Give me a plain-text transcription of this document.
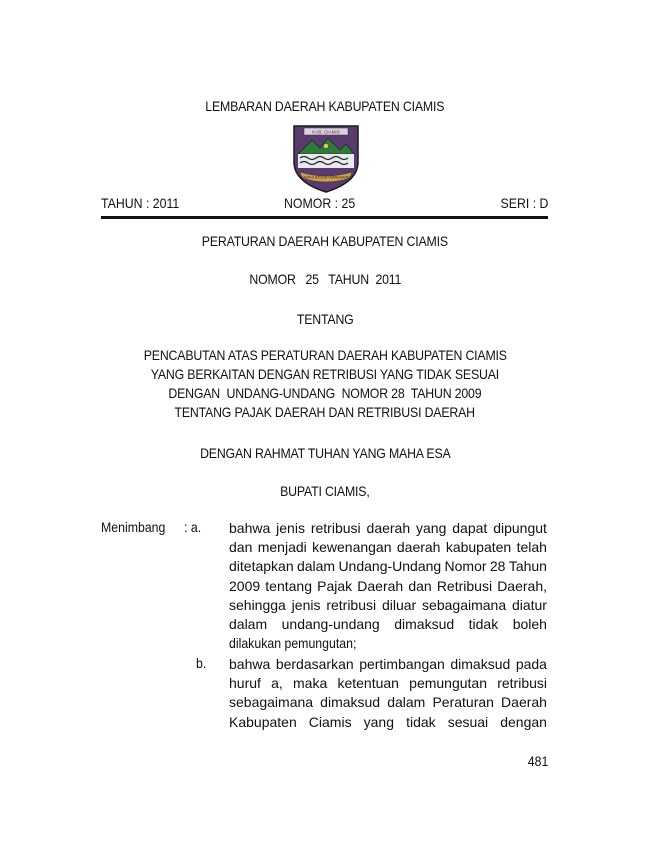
LEMBARAN DAERAH KABUPATEN CIAMIS
KAB. CIAMIS
MASAGI DAYEUH MANGGAPAH
TAHUN : 2011	NOMOR : 25	SERI : D
PERATURAN DAERAH KABUPATEN CIAMIS
NOMOR   25   TAHUN  2011
TENTANG
PENCABUTAN ATAS PERATURAN DAERAH KABUPATEN CIAMIS
YANG BERKAITAN DENGAN RETRIBUSI YANG TIDAK SESUAI
DENGAN  UNDANG-UNDANG  NOMOR 28  TAHUN 2009
TENTANG PAJAK DAERAH DAN RETRIBUSI DAERAH
DENGAN RAHMAT TUHAN YANG MAHA ESA
BUPATI CIAMIS,
Menimbang	: a. bahwa jenis retribusi daerah yang dapat dipungut
dan menjadi kewenangan daerah kabupaten telah
ditetapkan dalam Undang-Undang Nomor 28 Tahun
2009 tentang Pajak Daerah dan Retribusi Daerah,
sehingga jenis retribusi diluar sebagaimana diatur
dalam undang-undang dimaksud tidak boleh
dilakukan pemungutan;
b. bahwa berdasarkan pertimbangan dimaksud pada
huruf a, maka ketentuan pemungutan retribusi
sebagaimana dimaksud dalam Peraturan Daerah
Kabupaten Ciamis yang tidak sesuai dengan
481
